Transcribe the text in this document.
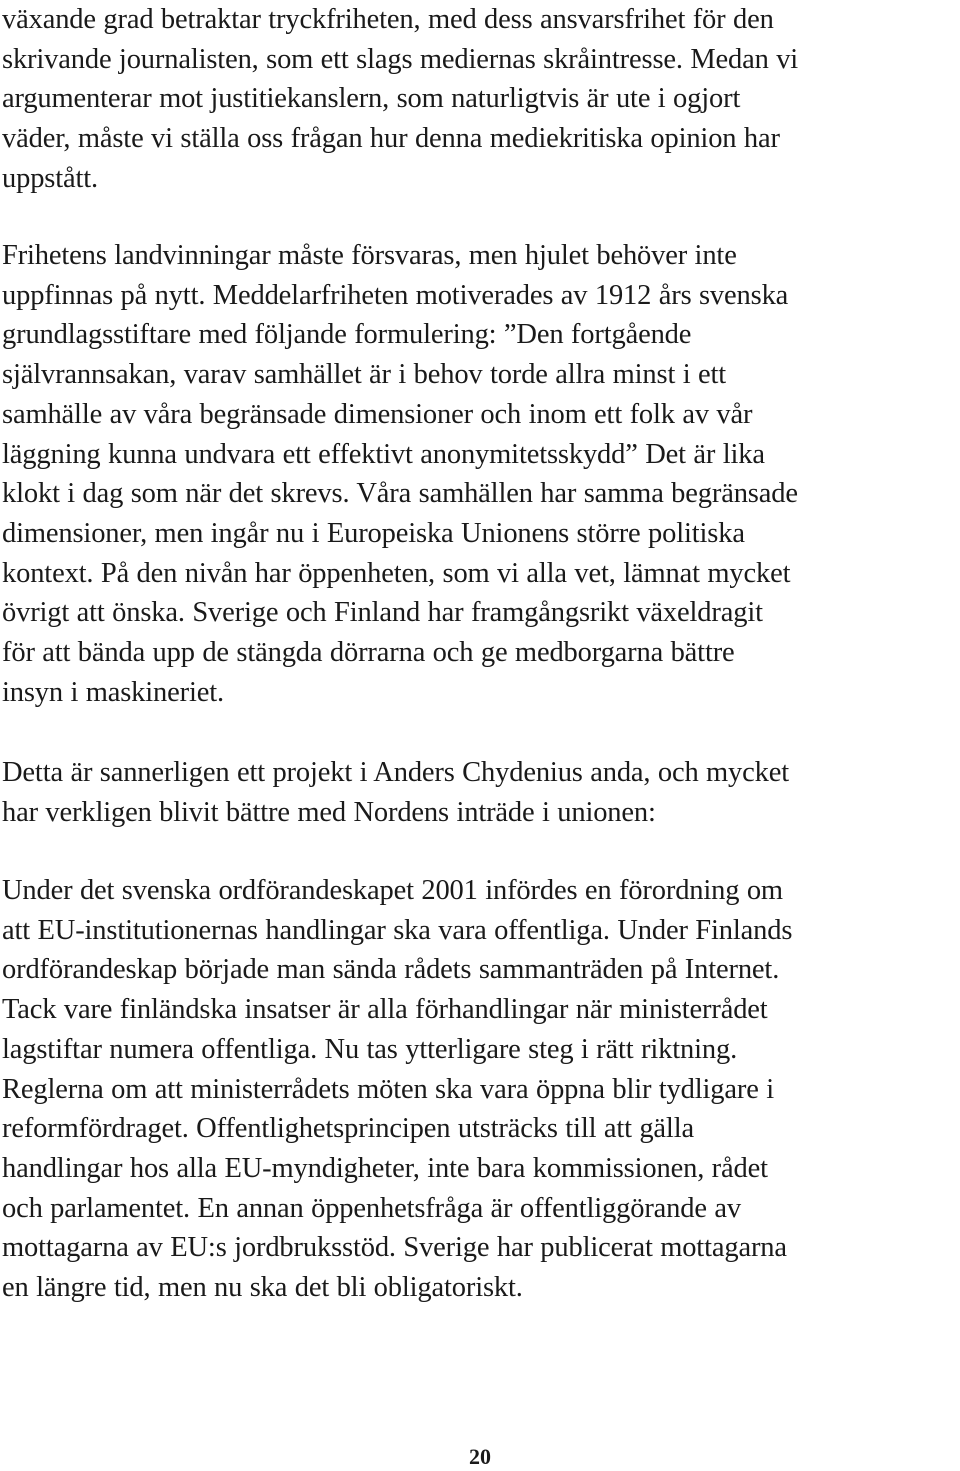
växande grad betraktar tryckfriheten, med dess ansvarsfrihet för den
skrivande journalisten, som ett slags mediernas skråintresse. Medan vi
argumenterar mot justitiekanslern, som naturligtvis är ute i ogjort
väder, måste vi ställa oss frågan hur denna mediekritiska opinion har
uppstått.

Frihetens landvinningar måste försvaras, men hjulet behöver inte
uppfinnas på nytt. Meddelarfriheten motiverades av 1912 års svenska
grundlagsstiftare med följande formulering: ”Den fortgående
självrannsakan, varav samhället är i behov torde allra minst i ett
samhälle av våra begränsade dimensioner och inom ett folk av vår
läggning kunna undvara ett effektivt anonymitetsskydd” Det är lika
klokt i dag som när det skrevs. Våra samhällen har samma begränsade
dimensioner, men ingår nu i Europeiska Unionens större politiska
kontext. På den nivån har öppenheten, som vi alla vet, lämnat mycket
övrigt att önska. Sverige och Finland har framgångsrikt växeldragit
för att bända upp de stängda dörrarna och ge medborgarna bättre
insyn i maskineriet.

Detta är sannerligen ett projekt i Anders Chydenius anda, och mycket
har verkligen blivit bättre med Nordens inträde i unionen:

Under det svenska ordförandeskapet 2001 infördes en förordning om
att EU-institutionernas handlingar ska vara offentliga. Under Finlands
ordförandeskap började man sända rådets sammanträden på Internet.
Tack vare finländska insatser är alla förhandlingar när ministerrådet
lagstiftar numera offentliga. Nu tas ytterligare steg i rätt riktning.
Reglerna om att ministerrådets möten ska vara öppna blir tydligare i
reformfördraget. Offentlighetsprincipen utsträcks till att gälla
handlingar hos alla EU-myndigheter, inte bara kommissionen, rådet
och parlamentet. En annan öppenhetsfråga är offentliggörande av
mottagarna av EU:s jordbruksstöd. Sverige har publicerat mottagarna
en längre tid, men nu ska det bli obligatoriskt.

20
